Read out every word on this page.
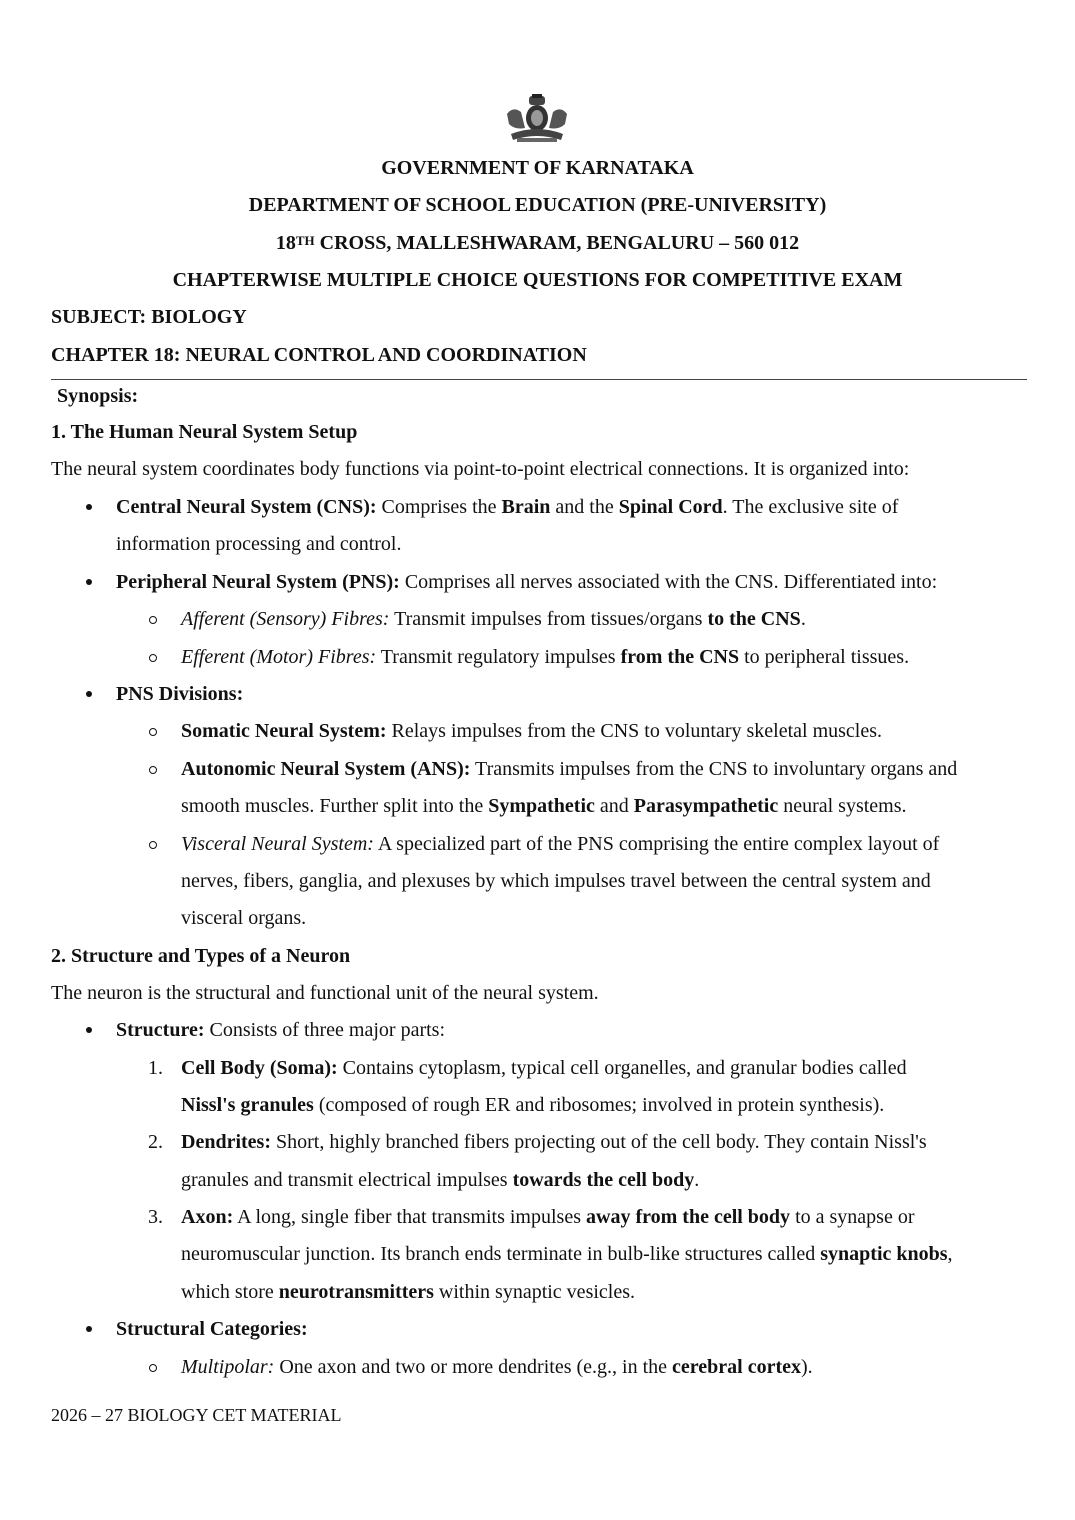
GOVERNMENT OF KARNATAKA
DEPARTMENT OF SCHOOL EDUCATION (PRE-UNIVERSITY)
18TH CROSS, MALLESHWARAM, BENGALURU – 560 012
CHAPTERWISE MULTIPLE CHOICE QUESTIONS FOR COMPETITIVE EXAM
SUBJECT: BIOLOGY
CHAPTER 18: NEURAL CONTROL AND COORDINATION
Synopsis:
1. The Human Neural System Setup
The neural system coordinates body functions via point-to-point electrical connections. It is organized into:
Central Neural System (CNS): Comprises the Brain and the Spinal Cord. The exclusive site of
information processing and control.
Peripheral Neural System (PNS): Comprises all nerves associated with the CNS. Differentiated into:
Afferent (Sensory) Fibres: Transmit impulses from tissues/organs to the CNS.
Efferent (Motor) Fibres: Transmit regulatory impulses from the CNS to peripheral tissues.
PNS Divisions:
Somatic Neural System: Relays impulses from the CNS to voluntary skeletal muscles.
Autonomic Neural System (ANS): Transmits impulses from the CNS to involuntary organs and
smooth muscles. Further split into the Sympathetic and Parasympathetic neural systems.
Visceral Neural System: A specialized part of the PNS comprising the entire complex layout of
nerves, fibers, ganglia, and plexuses by which impulses travel between the central system and
visceral organs.
2. Structure and Types of a Neuron
The neuron is the structural and functional unit of the neural system.
Structure: Consists of three major parts:
1. Cell Body (Soma): Contains cytoplasm, typical cell organelles, and granular bodies called
Nissl's granules (composed of rough ER and ribosomes; involved in protein synthesis).
2. Dendrites: Short, highly branched fibers projecting out of the cell body. They contain Nissl's
granules and transmit electrical impulses towards the cell body.
3. Axon: A long, single fiber that transmits impulses away from the cell body to a synapse or
neuromuscular junction. Its branch ends terminate in bulb-like structures called synaptic knobs,
which store neurotransmitters within synaptic vesicles.
Structural Categories:
Multipolar: One axon and two or more dendrites (e.g., in the cerebral cortex).
2026 – 27 BIOLOGY CET MATERIAL
